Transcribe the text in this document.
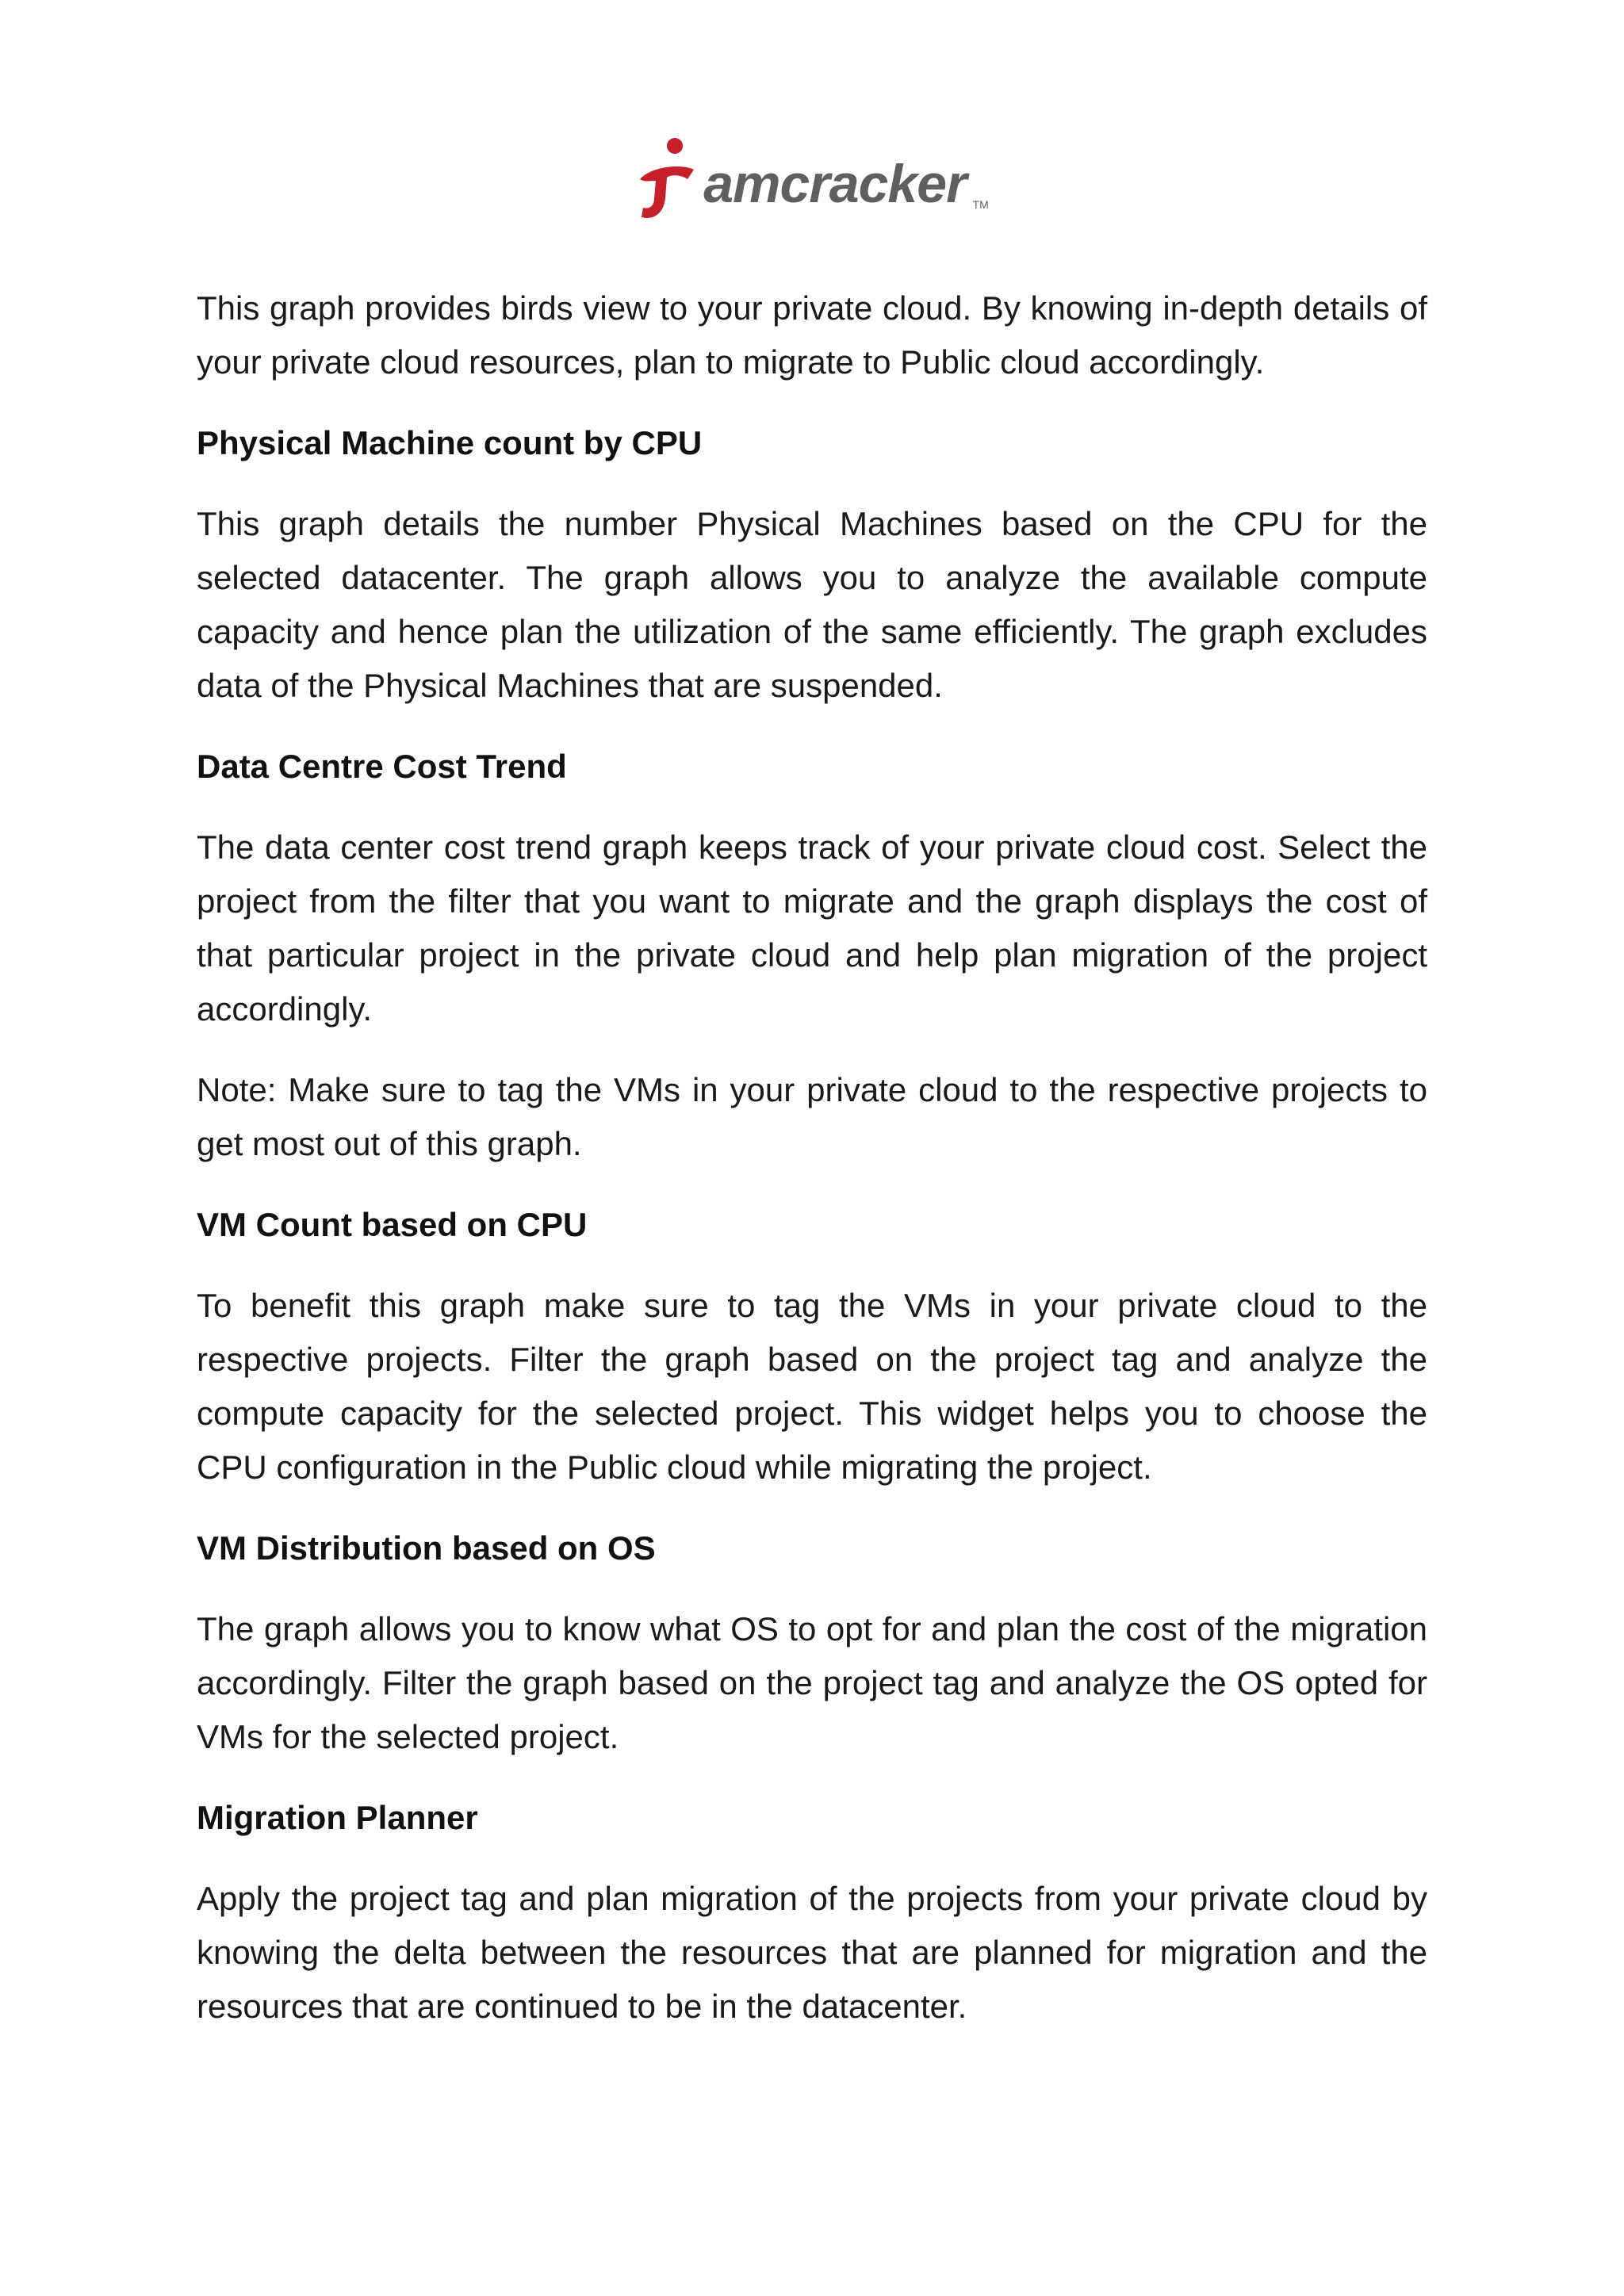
amcracker TM

This graph provides birds view to your private cloud. By knowing in-depth details of your private cloud resources, plan to migrate to Public cloud accordingly.

Physical Machine count by CPU

This graph details the number Physical Machines based on the CPU for the selected datacenter. The graph allows you to analyze the available compute capacity and hence plan the utilization of the same efficiently. The graph excludes data of the Physical Machines that are suspended.

Data Centre Cost Trend

The data center cost trend graph keeps track of your private cloud cost. Select the project from the filter that you want to migrate and the graph displays the cost of that particular project in the private cloud and help plan migration of the project accordingly.

Note: Make sure to tag the VMs in your private cloud to the respective projects to get most out of this graph.

VM Count based on CPU

To benefit this graph make sure to tag the VMs in your private cloud to the respective projects. Filter the graph based on the project tag and analyze the compute capacity for the selected project. This widget helps you to choose the CPU configuration in the Public cloud while migrating the project.

VM Distribution based on OS

The graph allows you to know what OS to opt for and plan the cost of the migration accordingly. Filter the graph based on the project tag and analyze the OS opted for VMs for the selected project.

Migration Planner

Apply the project tag and plan migration of the projects from your private cloud by knowing the delta between the resources that are planned for migration and the resources that are continued to be in the datacenter.
